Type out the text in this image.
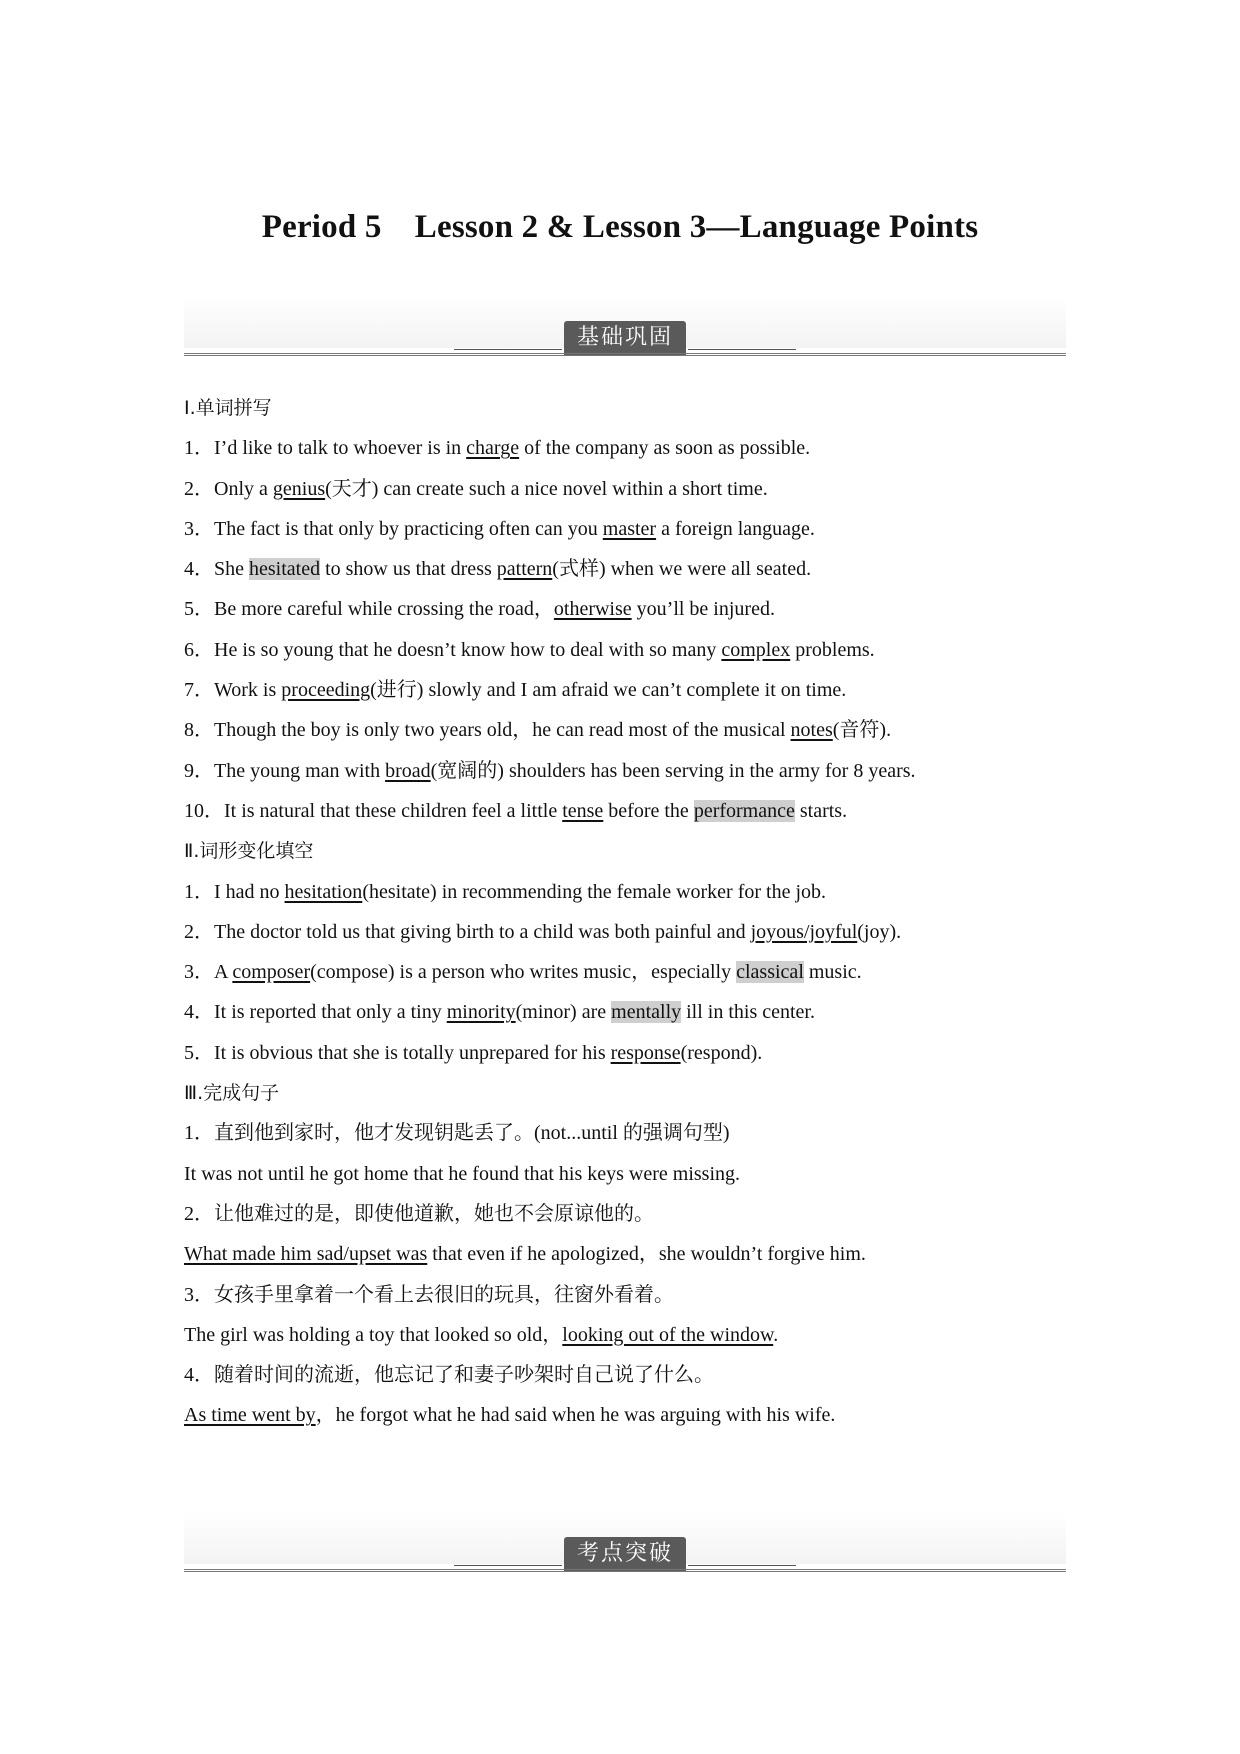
Period 5　Lesson 2 & Lesson 3—Language Points
基础巩固
Ⅰ.单词拼写
1．I’d like to talk to whoever is in charge of the company as soon as possible.
2．Only a genius(天才) can create such a nice novel within a short time.
3．The fact is that only by practicing often can you master a foreign language.
4．She hesitated to show us that dress pattern(式样) when we were all seated.
5．Be more careful while crossing the road，otherwise you’ll be injured.
6．He is so young that he doesn’t know how to deal with so many complex problems.
7．Work is proceeding(进行) slowly and I am afraid we can’t complete it on time.
8．Though the boy is only two years old，he can read most of the musical notes(音符).
9．The young man with broad(宽阔的) shoulders has been serving in the army for 8 years.
10．It is natural that these children feel a little tense before the performance starts.
Ⅱ.词形变化填空
1．I had no hesitation(hesitate) in recommending the female worker for the job.
2．The doctor told us that giving birth to a child was both painful and joyous/joyful(joy).
3．A composer(compose) is a person who writes music，especially classical music.
4．It is reported that only a tiny minority(minor) are mentally ill in this center.
5．It is obvious that she is totally unprepared for his response(respond).
Ⅲ.完成句子
1．直到他到家时，他才发现钥匙丢了。(not...until 的强调句型)
It was not until he got home that he found that his keys were missing.
2．让他难过的是，即使他道歉，她也不会原谅他的。
What made him sad/upset was that even if he apologized，she wouldn’t forgive him.
3．女孩手里拿着一个看上去很旧的玩具，往窗外看着。
The girl was holding a toy that looked so old，looking out of the window.
4．随着时间的流逝，他忘记了和妻子吵架时自己说了什么。
As time went by，he forgot what he had said when he was arguing with his wife.
考点突破
